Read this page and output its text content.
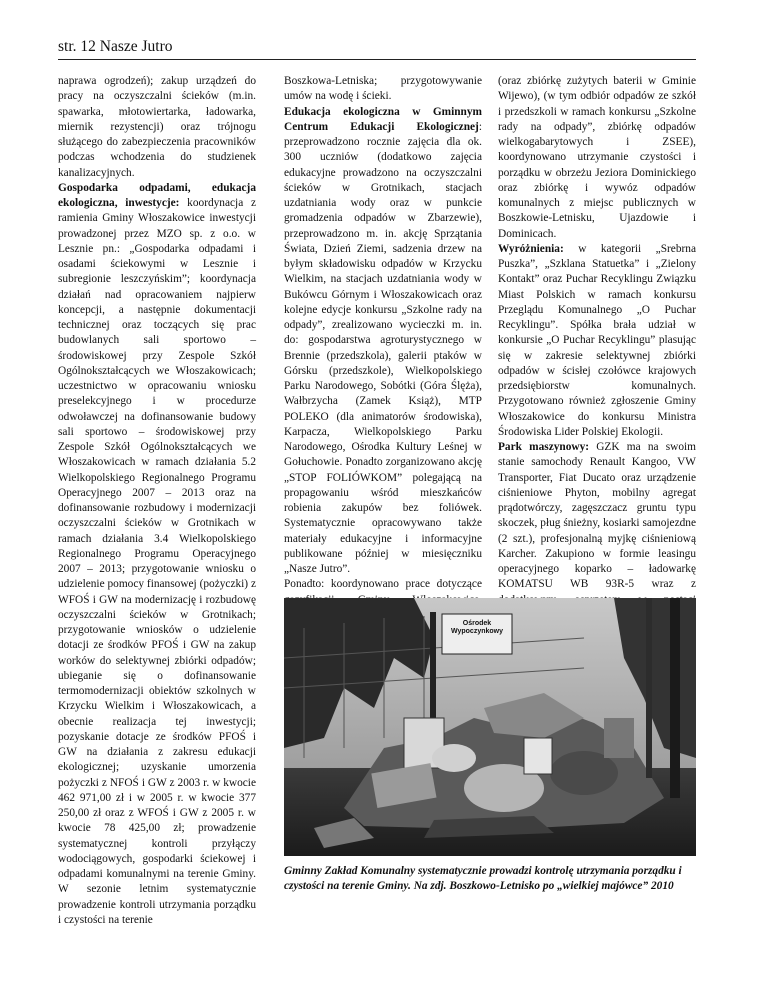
str. 12 Nasze Jutro

naprawa ogrodzeń); zakup urządzeń do pracy na oczyszczalni ścieków (m.in. spawarka, młotowiertarka, ładowarka, miernik rezystencji) oraz trójnogu służącego do zabezpieczenia pracowników podczas wchodzenia do studzienek kanalizacyjnych.

Gospodarka odpadami, edukacja ekologiczna, inwestycje: koordynacja z ramienia Gminy Włoszakowice inwestycji prowadzonej przez MZO sp. z o.o. w Lesznie pn.: „Gospodarka odpadami i osadami ściekowymi w Lesznie i subregionie leszczyńskim”; koordynacja działań nad opracowaniem najpierw koncepcji, a następnie dokumentacji technicznej oraz toczących się prac budowlanych sali sportowo – środowiskowej przy Zespole Szkół Ogólnokształcących we Włoszakowicach; uczestnictwo w opracowaniu wniosku preselekcyjnego i w procedurze odwoławczej na dofinansowanie budowy sali sportowo – środowiskowej przy Zespole Szkół Ogólnokształcących we Włoszakowicach w ramach działania 5.2 Wielkopolskiego Regionalnego Programu Operacyjnego 2007 – 2013 oraz na dofinansowanie rozbudowy i modernizacji oczyszczalni ścieków w Grotnikach w ramach działania 3.4 Wielkopolskiego Regionalnego Programu Operacyjnego 2007 – 2013; przygotowanie wniosku o udzielenie pomocy finansowej (pożyczki) z WFOŚ i GW na modernizację i rozbudowę oczyszczalni ścieków w Grotnikach; przygotowanie wniosków o udzielenie dotacji ze środków PFOŚ i GW na zakup worków do selektywnej zbiórki odpadów; ubieganie się o dofinansowanie termomodernizacji obiektów szkolnych w Krzycku Wielkim i Włoszakowicach, a obecnie realizacja tej inwestycji; pozyskanie dotacje ze środków PFOŚ i GW na działania z zakresu edukacji ekologicznej; uzyskanie umorzenia pożyczki z NFOŚ i GW z 2003 r. w kwocie 462 971,00 zł i w 2005 r. w kwocie 377 250,00 zł oraz z WFOŚ i GW z 2005 r. w kwocie 78 425,00 zł; prowadzenie systematycznej kontroli przyłączy wodociągowych, gospodarki ściekowej i odpadami komunalnymi na terenie Gminy. W sezonie letnim systematycznie prowadzenie kontroli utrzymania porządku i czystości na terenie

Boszkowa-Letniska; przygotowywanie umów na wodę i ścieki.

Edukacja ekologiczna w Gminnym Centrum Edukacji Ekologicznej: przeprowadzono rocznie zajęcia dla ok. 300 uczniów (dodatkowo zajęcia edukacyjne prowadzono na oczyszczalni ścieków w Grotnikach, stacjach uzdatniania wody oraz w punkcie gromadzenia odpadów w Zbarzewie), przeprowadzono m. in. akcję Sprzątania Świata, Dzień Ziemi, sadzenia drzew na byłym składowisku odpadów w Krzycku Wielkim, na stacjach uzdatniania wody w Bukówcu Górnym i Włoszakowicach oraz kolejne edycje konkursu „Szkolne rady na odpady”, zrealizowano wycieczki m. in. do: gospodarstwa agroturystycznego w Brennie (przedszkola), galerii ptaków w Górsku (przedszkole), Wielkopolskiego Parku Narodowego, Sobótki (Góra Ślęża), Wałbrzycha (Zamek Książ), MTP POLEKO (dla animatorów środowiska), Karpacza, Wielkopolskiego Parku Narodowego, Ośrodka Kultury Leśnej w Gołuchowie. Ponadto zorganizowano akcję „STOP FOLIÓWKOM” polegającą na propagowaniu wśród mieszkańców robienia zakupów bez foliówek. Systematycznie opracowywano także materiały edukacyjne i informacyjne publikowane później w miesięczniku „Nasze Jutro”.

Ponadto: koordynowano prace dotyczące

(oraz zbiórkę zużytych baterii w Gminie Wijewo), (w tym odbiór odpadów ze szkół i przedszkoli w ramach konkursu „Szkolne rady na odpady”, zbiórkę odpadów wielkogabarytowych i ZSEE), koordynowano utrzymanie czystości i porządku w obrzeżu Jeziora Dominickiego oraz zbiórkę i wywóz odpadów komunalnych z miejsc publicznych w Boszkowie-Letnisku, Ujazdowie i Dominicach.

Wyróżnienia: w kategorii „Srebrna Puszka”, „Szklana Statuetka” i „Zielony Kontakt” oraz Puchar Recyklingu Związku Miast Polskich w ramach konkursu Przeglądu Komunalnego „O Puchar Recyklingu”. Spółka brała udział w konkursie „O Puchar Recyklingu” plasując się w zakresie selektywnej zbiórki odpadów w ścisłej czołówce krajowych przedsiębiorstw komunalnych. Przygotowano również zgłoszenie Gminy Włoszakowice do konkursu Ministra Środowiska Lider Polskiej Ekologii.

Park maszynowy: GZK ma na swoim stanie samochody Renault Kangoo, VW Transporter, Fiat Ducato oraz urządzenie ciśnieniowe Phyton, mobilny agregat prądotwórczy, zagęszczacz gruntu typu skoczek, pług śnieżny, kosiarki samojezdne (2 szt.), profesjonalną myjkę ciśnieniową Karcher. Zakupiono w formie leasingu operacyjnego koparko – ładowarkę KOMATSU WB 93R-5 wraz z

Ośrodek Wypoczynkowy
Gminny Zakład Komunalny systematycznie prowadzi kontrolę utrzymania porządku i czystości na terenie Gminy. Na zdj. Boszkowo-Letnisko po „wielkiej majówce” 2010
